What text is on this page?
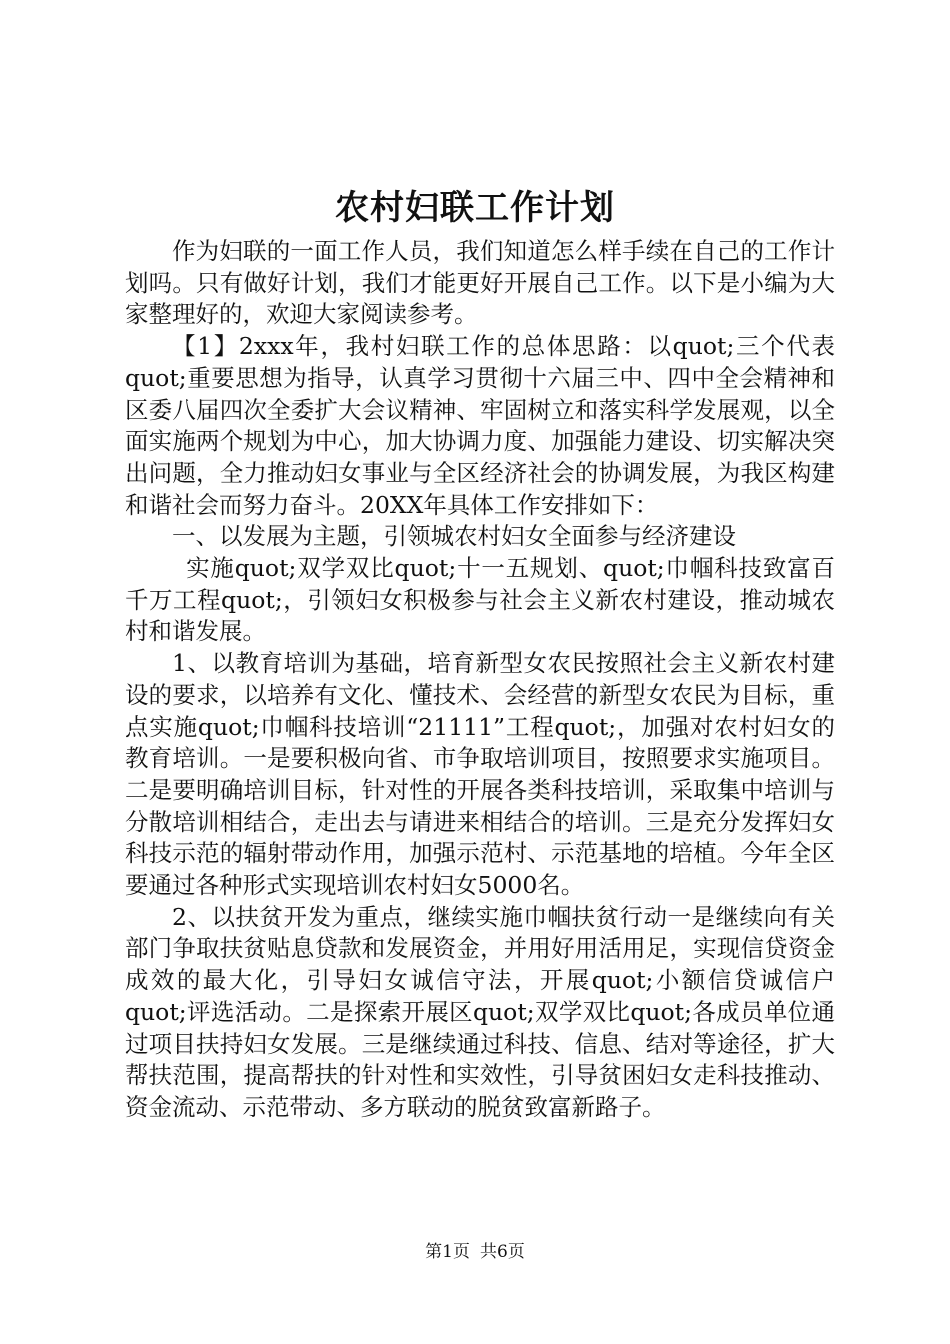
农村妇联工作计划

作为妇联的一面工作人员，我们知道怎么样手续在自己的工作计划吗。只有做好计划，我们才能更好开展自己工作。以下是小编为大家整理好的，欢迎大家阅读参考。

【1】2xxx年，我村妇联工作的总体思路：以quot;三个代表quot;重要思想为指导，认真学习贯彻十六届三中、四中全会精神和区委八届四次全委扩大会议精神、牢固树立和落实科学发展观，以全面实施两个规划为中心，加大协调力度、加强能力建设、切实解决突出问题，全力推动妇女事业与全区经济社会的协调发展，为我区构建和谐社会而努力奋斗。20XX年具体工作安排如下：

一、以发展为主题，引领城农村妇女全面参与经济建设

实施quot;双学双比quot;十一五规划、quot;巾帼科技致富百千万工程quot;，引领妇女积极参与社会主义新农村建设，推动城农村和谐发展。

1、以教育培训为基础，培育新型女农民按照社会主义新农村建设的要求，以培养有文化、懂技术、会经营的新型女农民为目标，重点实施quot;巾帼科技培训“21111”工程quot;，加强对农村妇女的教育培训。一是要积极向省、市争取培训项目，按照要求实施项目。二是要明确培训目标，针对性的开展各类科技培训，采取集中培训与分散培训相结合，走出去与请进来相结合的培训。三是充分发挥妇女科技示范的辐射带动作用，加强示范村、示范基地的培植。今年全区要通过各种形式实现培训农村妇女5000名。

2、以扶贫开发为重点，继续实施巾帼扶贫行动一是继续向有关部门争取扶贫贴息贷款和发展资金，并用好用活用足，实现信贷资金成效的最大化，引导妇女诚信守法，开展quot;小额信贷诚信户quot;评选活动。二是探索开展区quot;双学双比quot;各成员单位通过项目扶持妇女发展。三是继续通过科技、信息、结对等途径，扩大帮扶范围，提高帮扶的针对性和实效性，引导贫困妇女走科技推动、资金流动、示范带动、多方联动的脱贫致富新路子。

第1页 共6页
